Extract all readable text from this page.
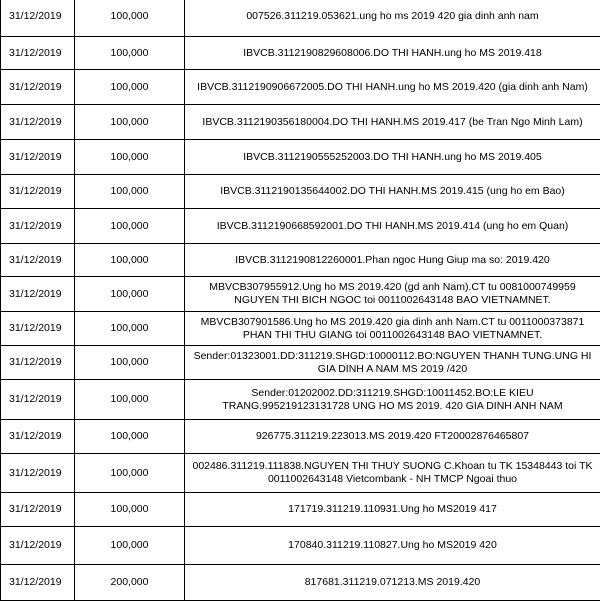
31/12/2019	100,000	007526.311219.053621.ung ho ms 2019 420 gia dinh anh nam
31/12/2019	100,000	IBVCB.3112190829608006.DO THI HANH.ung ho MS 2019.418
31/12/2019	100,000	IBVCB.3112190906672005.DO THI HANH.ung ho MS 2019.420 (gia dinh anh Nam)
31/12/2019	100,000	IBVCB.3112190356180004.DO THI HANH.MS 2019.417 (be Tran Ngo Minh Lam)
31/12/2019	100,000	IBVCB.3112190555252003.DO THI HANH.ung ho MS 2019.405
31/12/2019	100,000	IBVCB.3112190135644002.DO THI HANH.MS 2019.415 (ung ho em Bao)
31/12/2019	100,000	IBVCB.3112190668592001.DO THI HANH.MS 2019.414 (ung ho em Quan)
31/12/2019	100,000	IBVCB.3112190812260001.Phan ngoc Hung Giup ma so: 2019.420
31/12/2019	100,000	MBVCB307955912.Ung ho MS 2019.420 (gd anh Nam).CT tu 0081000749959
NGUYEN THI BICH NGOC toi 0011002643148 BAO VIETNAMNET.
31/12/2019	100,000	MBVCB307901586.Ung ho MS 2019.420 gia dinh anh Nam.CT tu 0011000373871
PHAN THI THU GIANG toi 0011002643148 BAO VIETNAMNET.
31/12/2019	100,000	Sender:01323001.DD:311219.SHGD:10000112.BO:NGUYEN THANH TUNG.UNG HI
GIA DINH A NAM MS 2019 /420
31/12/2019	100,000	Sender:01202002.DD:311219.SHGD:10011452.BO:LE KIEU
TRANG.995219123131728 UNG HO MS 2019. 420 GIA DINH ANH NAM
31/12/2019	100,000	926775.311219.223013.MS 2019.420 FT20002876465807
31/12/2019	100,000	002486.311219.111838.NGUYEN THI THUY SUONG C.Khoan tu TK 15348443 toi TK
0011002643148 Vietcombank - NH TMCP Ngoai thuo
31/12/2019	100,000	171719.311219.110931.Ung ho MS2019 417
31/12/2019	100,000	170840.311219.110827.Ung ho MS2019 420
31/12/2019	200,000	817681.311219.071213.MS 2019.420
